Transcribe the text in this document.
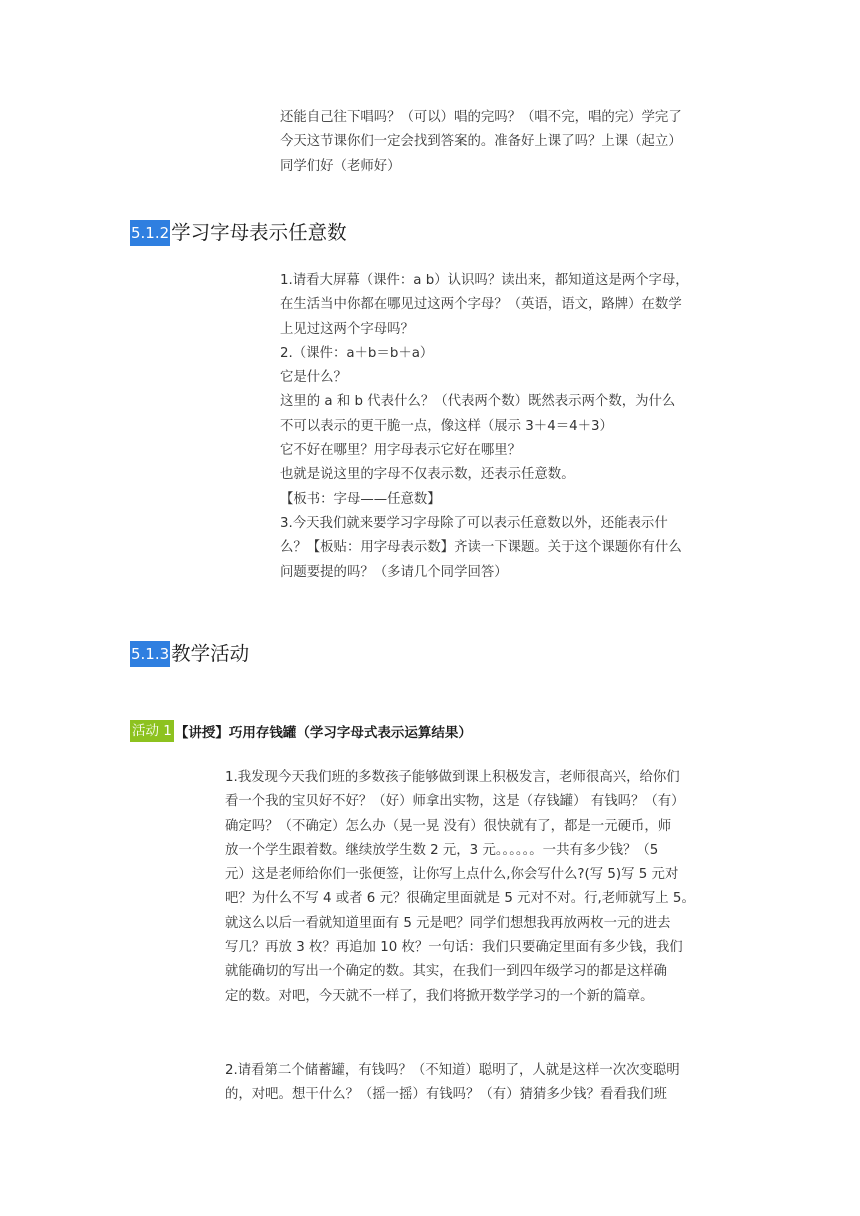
还能自己往下唱吗？（可以）唱的完吗？（唱不完，唱的完）学完了
今天这节课你们一定会找到答案的。准备好上课了吗？上课（起立）
同学们好（老师好）
5.1.2 学习字母表示任意数
1.请看大屏幕（课件：a b）认识吗？读出来，都知道这是两个字母，
在生活当中你都在哪见过这两个字母？（英语，语文，路牌）在数学
上见过这两个字母吗？
2.（课件：a＋b＝b＋a）
它是什么？
这里的 a 和 b 代表什么？（代表两个数）既然表示两个数，为什么
不可以表示的更干脆一点，像这样（展示 3＋4＝4＋3）
它不好在哪里？用字母表示它好在哪里？
也就是说这里的字母不仅表示数，还表示任意数。
【板书：字母——任意数】
3.今天我们就来要学习字母除了可以表示任意数以外，还能表示什
么？【板贴：用字母表示数】齐读一下课题。关于这个课题你有什么
问题要提的吗？（多请几个同学回答）
5.1.3 教学活动
活动 1 【讲授】巧用存钱罐（学习字母式表示运算结果）
1.我发现今天我们班的多数孩子能够做到课上积极发言，老师很高兴，给你们
看一个我的宝贝好不好？（好）师拿出实物，这是（存钱罐） 有钱吗？（有）
确定吗？（不确定）怎么办（晃一晃 没有）很快就有了，都是一元硬币，师
放一个学生跟着数。继续放学生数 2 元，3 元。。。。。。一共有多少钱？（5
元）这是老师给你们一张便签，让你写上点什么,你会写什么?(写 5)写 5 元对
吧？为什么不写 4 或者 6 元？很确定里面就是 5 元对不对。行,老师就写上 5。
就这么以后一看就知道里面有 5 元是吧？同学们想想我再放两枚一元的进去
写几？再放 3 枚？再追加 10 枚？一句话：我们只要确定里面有多少钱，我们
就能确切的写出一个确定的数。其实，在我们一到四年级学习的都是这样确
定的数。对吧，今天就不一样了，我们将掀开数学学习的一个新的篇章。
2.请看第二个储蓄罐，有钱吗？（不知道）聪明了，人就是这样一次次变聪明
的，对吧。想干什么？（摇一摇）有钱吗？（有）猜猜多少钱？看看我们班
